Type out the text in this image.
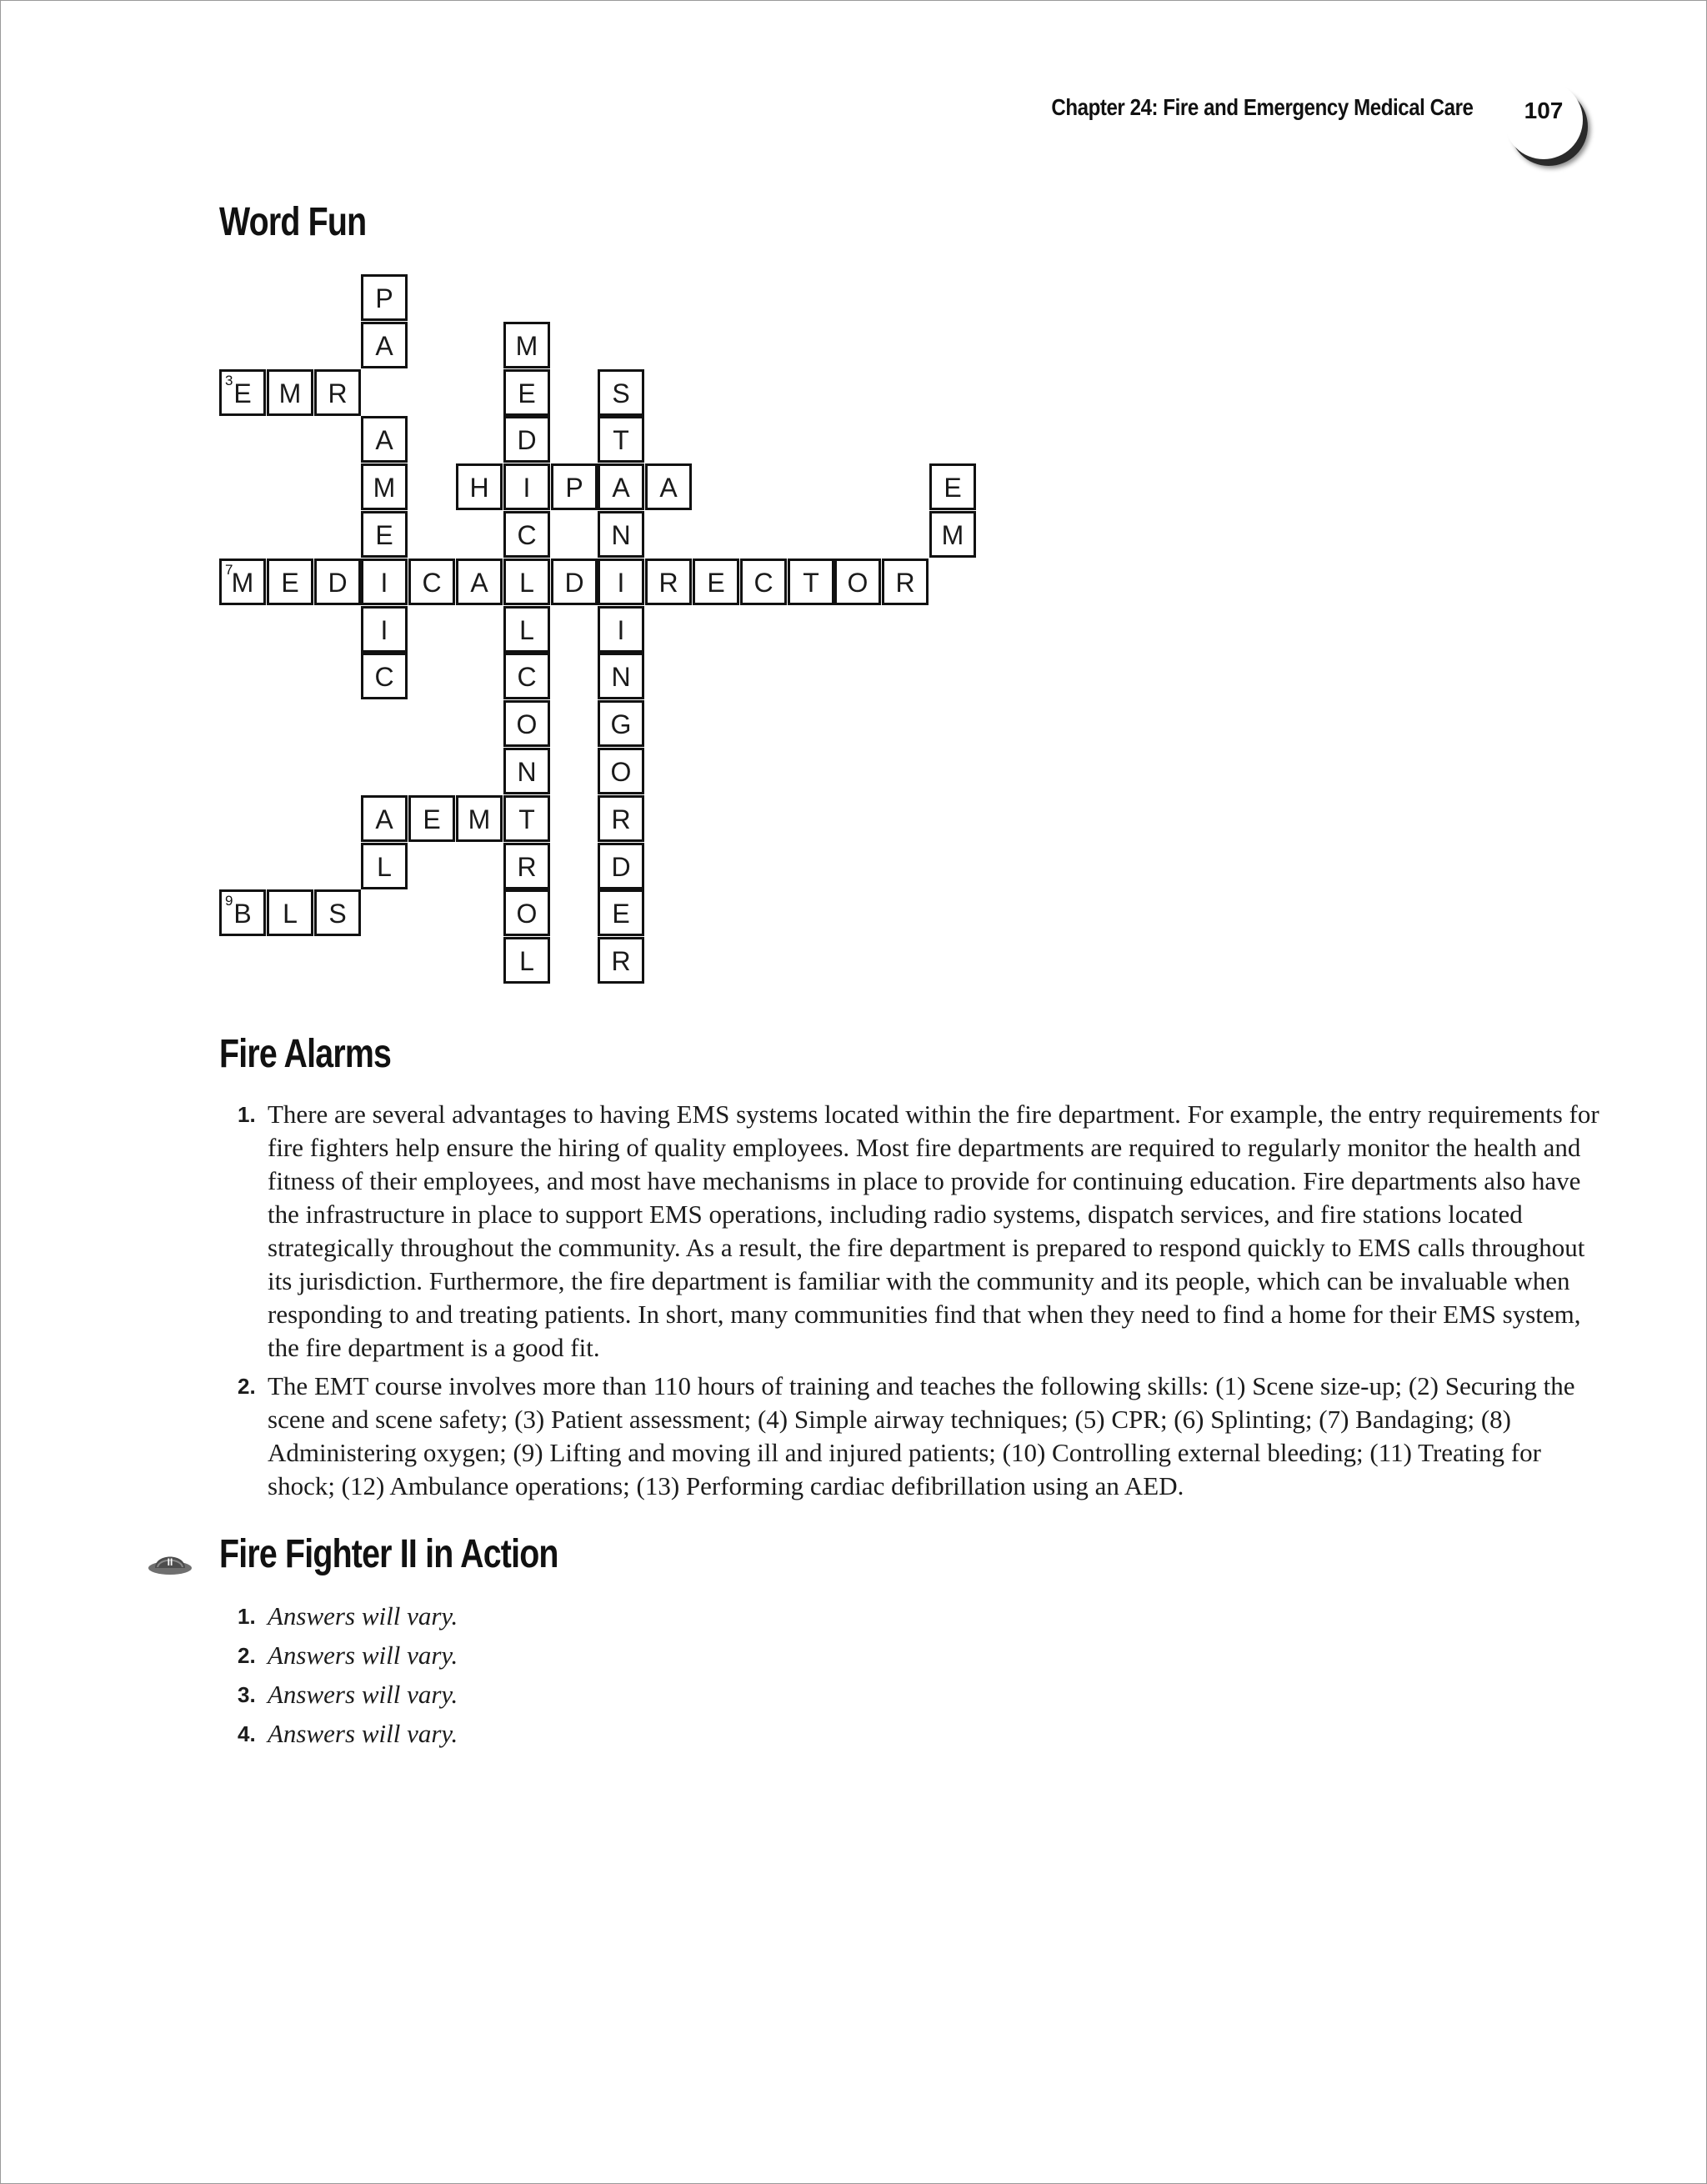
Chapter 24: Fire and Emergency Medical Care	107
Word Fun
P
A	M
E
3	M	R	E	S
A	D	T
M	H	I	P	A	A	E
E	C	N	M
M
7	E	D	I	C	A	L	D	I	R	E	C	T	O	R
I	L	I
C	C	N
O	G
N	O
A	E	M	T	R
L	R	D
B
9	L	S	O	E
L	R
Fire Alarms
1. There are several advantages to having EMS systems located within the fire department. For example, the entry requirements for fire fighters help ensure the hiring of quality employees. Most fire departments are required to regularly monitor the health and fitness of their employees, and most have mechanisms in place to provide for continuing education. Fire departments also have the infrastructure in place to support EMS operations, including radio systems, dispatch services, and fire stations located strategically throughout the community. As a result, the fire department is prepared to respond quickly to EMS calls throughout its jurisdiction. Furthermore, the fire department is familiar with the community and its people, which can be invaluable when responding to and treating patients. In short, many communities find that when they need to find a home for their EMS system, the fire department is a good fit.
2. The EMT course involves more than 110 hours of training and teaches the following skills: (1) Scene size-up; (2) Securing the scene and scene safety; (3) Patient assessment; (4) Simple airway techniques; (5) CPR; (6) Splinting; (7) Bandaging; (8) Administering oxygen; (9) Lifting and moving ill and injured patients; (10) Controlling external bleeding; (11) Treating for shock; (12) Ambulance operations; (13) Performing cardiac defibrillation using an AED.
II Fire Fighter II in Action
1. Answers will vary.
2. Answers will vary.
3. Answers will vary.
4. Answers will vary.
